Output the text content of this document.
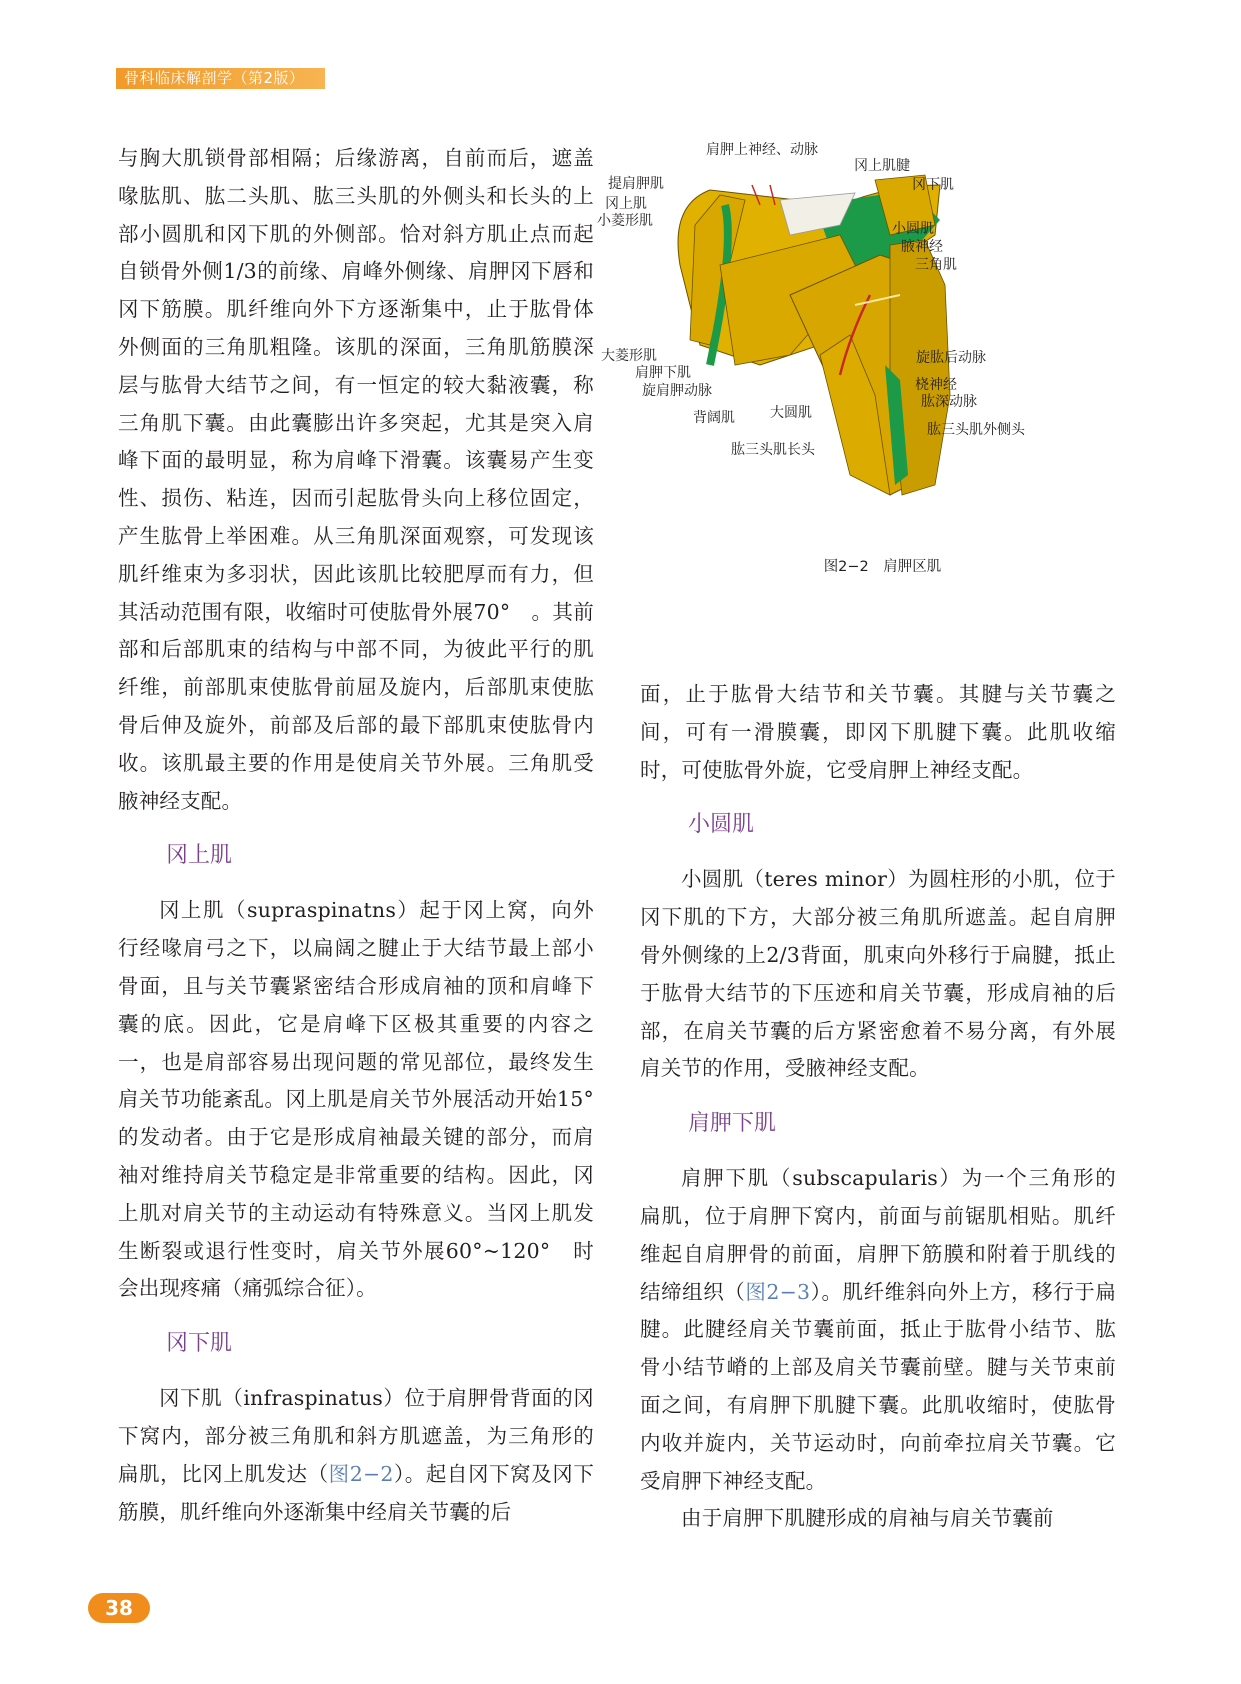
骨科临床解剖学（第2版）

与胸大肌锁骨部相隔；后缘游离，自前而后，遮盖喙肱肌、肱二头肌、肱三头肌的外侧头和长头的上部小圆肌和冈下肌的外侧部。恰对斜方肌止点而起自锁骨外侧1/3的前缘、肩峰外侧缘、肩胛冈下唇和冈下筋膜。肌纤维向外下方逐渐集中，止于肱骨体外侧面的三角肌粗隆。该肌的深面，三角肌筋膜深层与肱骨大结节之间，有一恒定的较大黏液囊，称三角肌下囊。由此囊膨出许多突起，尤其是突入肩峰下面的最明显，称为肩峰下滑囊。该囊易产生变性、损伤、粘连，因而引起肱骨头向上移位固定，产生肱骨上举困难。从三角肌深面观察，可发现该肌纤维束为多羽状，因此该肌比较肥厚而有力，但其活动范围有限，收缩时可使肱骨外展70°　。其前部和后部肌束的结构与中部不同，为彼此平行的肌纤维，前部肌束使肱骨前屈及旋内，后部肌束使肱骨后伸及旋外，前部及后部的最下部肌束使肱骨内收。该肌最主要的作用是使肩关节外展。三角肌受腋神经支配。

冈上肌

冈上肌（supraspinatns）起于冈上窝，向外行经喙肩弓之下，以扁阔之腱止于大结节最上部小骨面，且与关节囊紧密结合形成肩袖的顶和肩峰下囊的底。因此，它是肩峰下区极其重要的内容之一，也是肩部容易出现问题的常见部位，最终发生肩关节功能紊乱。冈上肌是肩关节外展活动开始15°　的发动者。由于它是形成肩袖最关键的部分，而肩袖对维持肩关节稳定是非常重要的结构。因此，冈上肌对肩关节的主动运动有特殊意义。当冈上肌发生断裂或退行性变时，肩关节外展60°~120°　时会出现疼痛（痛弧综合征）。

冈下肌

冈下肌（infraspinatus）位于肩胛骨背面的冈下窝内，部分被三角肌和斜方肌遮盖，为三角形的扁肌，比冈上肌发达（图2−2）。起自冈下窝及冈下筋膜，肌纤维向外逐渐集中经肩关节囊的后

肩胛上神经、动脉
冈上肌腱
冈下肌
提肩胛肌
冈上肌
小菱形肌	小圆肌
腋神经
三角肌
大菱形肌
肩胛下肌
旋肩胛动脉
旋肱后动脉
桡神经
肱深动脉
背阔肌	大圆肌
肱三头肌外侧头
肱三头肌长头
图2−2　肩胛区肌

面，止于肱骨大结节和关节囊。其腱与关节囊之间，可有一滑膜囊，即冈下肌腱下囊。此肌收缩时，可使肱骨外旋，它受肩胛上神经支配。

小圆肌

小圆肌（teres minor）为圆柱形的小肌，位于冈下肌的下方，大部分被三角肌所遮盖。起自肩胛骨外侧缘的上2/3背面，肌束向外移行于扁腱，抵止于肱骨大结节的下压迹和肩关节囊，形成肩袖的后部，在肩关节囊的后方紧密愈着不易分离，有外展肩关节的作用，受腋神经支配。

肩胛下肌

肩胛下肌（subscapularis）为一个三角形的扁肌，位于肩胛下窝内，前面与前锯肌相贴。肌纤维起自肩胛骨的前面，肩胛下筋膜和附着于肌线的结缔组织（图2−3）。肌纤维斜向外上方，移行于扁腱。此腱经肩关节囊前面，抵止于肱骨小结节、肱骨小结节嵴的上部及肩关节囊前壁。腱与关节束前面之间，有肩胛下肌腱下囊。此肌收缩时，使肱骨内收并旋内，关节运动时，向前牵拉肩关节囊。它受肩胛下神经支配。

由于肩胛下肌腱形成的肩袖与肩关节囊前

38
